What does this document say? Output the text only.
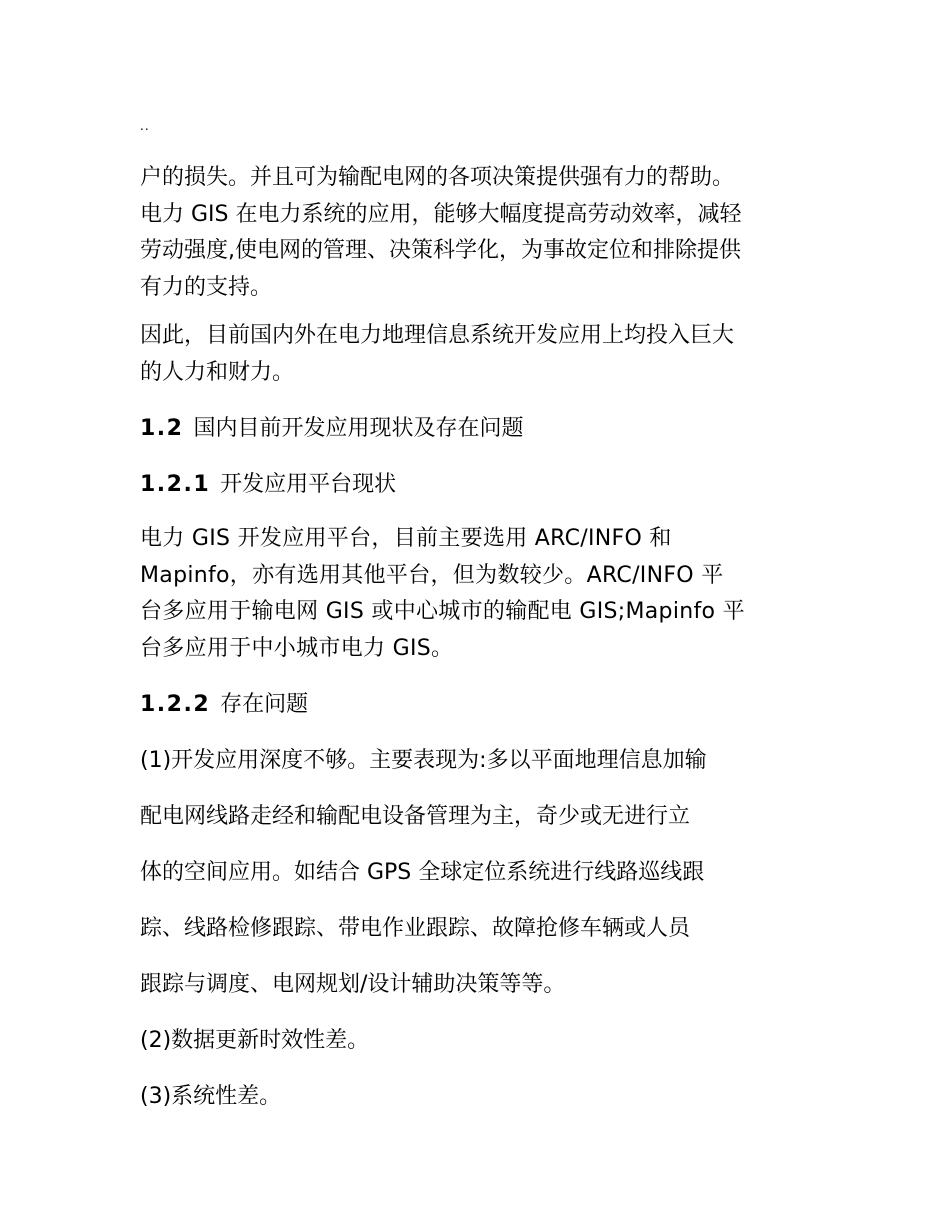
..

户的损失。并且可为输配电网的各项决策提供强有力的帮助。
电力 GIS 在电力系统的应用，能够大幅度提高劳动效率，减轻
劳动强度,使电网的管理、决策科学化，为事故定位和排除提供
有力的支持。

因此，目前国内外在电力地理信息系统开发应用上均投入巨大
的人力和财力。

1.2 国内目前开发应用现状及存在问题

1.2.1 开发应用平台现状

电力 GIS 开发应用平台，目前主要选用 ARC/INFO 和
Mapinfo，亦有选用其他平台，但为数较少。ARC/INFO 平
台多应用于输电网 GIS 或中心城市的输配电 GIS;Mapinfo 平
台多应用于中小城市电力 GIS。

1.2.2 存在问题

(1)开发应用深度不够。主要表现为:多以平面地理信息加输
配电网线路走经和输配电设备管理为主，奇少或无进行立
体的空间应用。如结合 GPS 全球定位系统进行线路巡线跟
踪、线路检修跟踪、带电作业跟踪、故障抢修车辆或人员
跟踪与调度、电网规划/设计辅助决策等等。

(2)数据更新时效性差。

(3)系统性差。
